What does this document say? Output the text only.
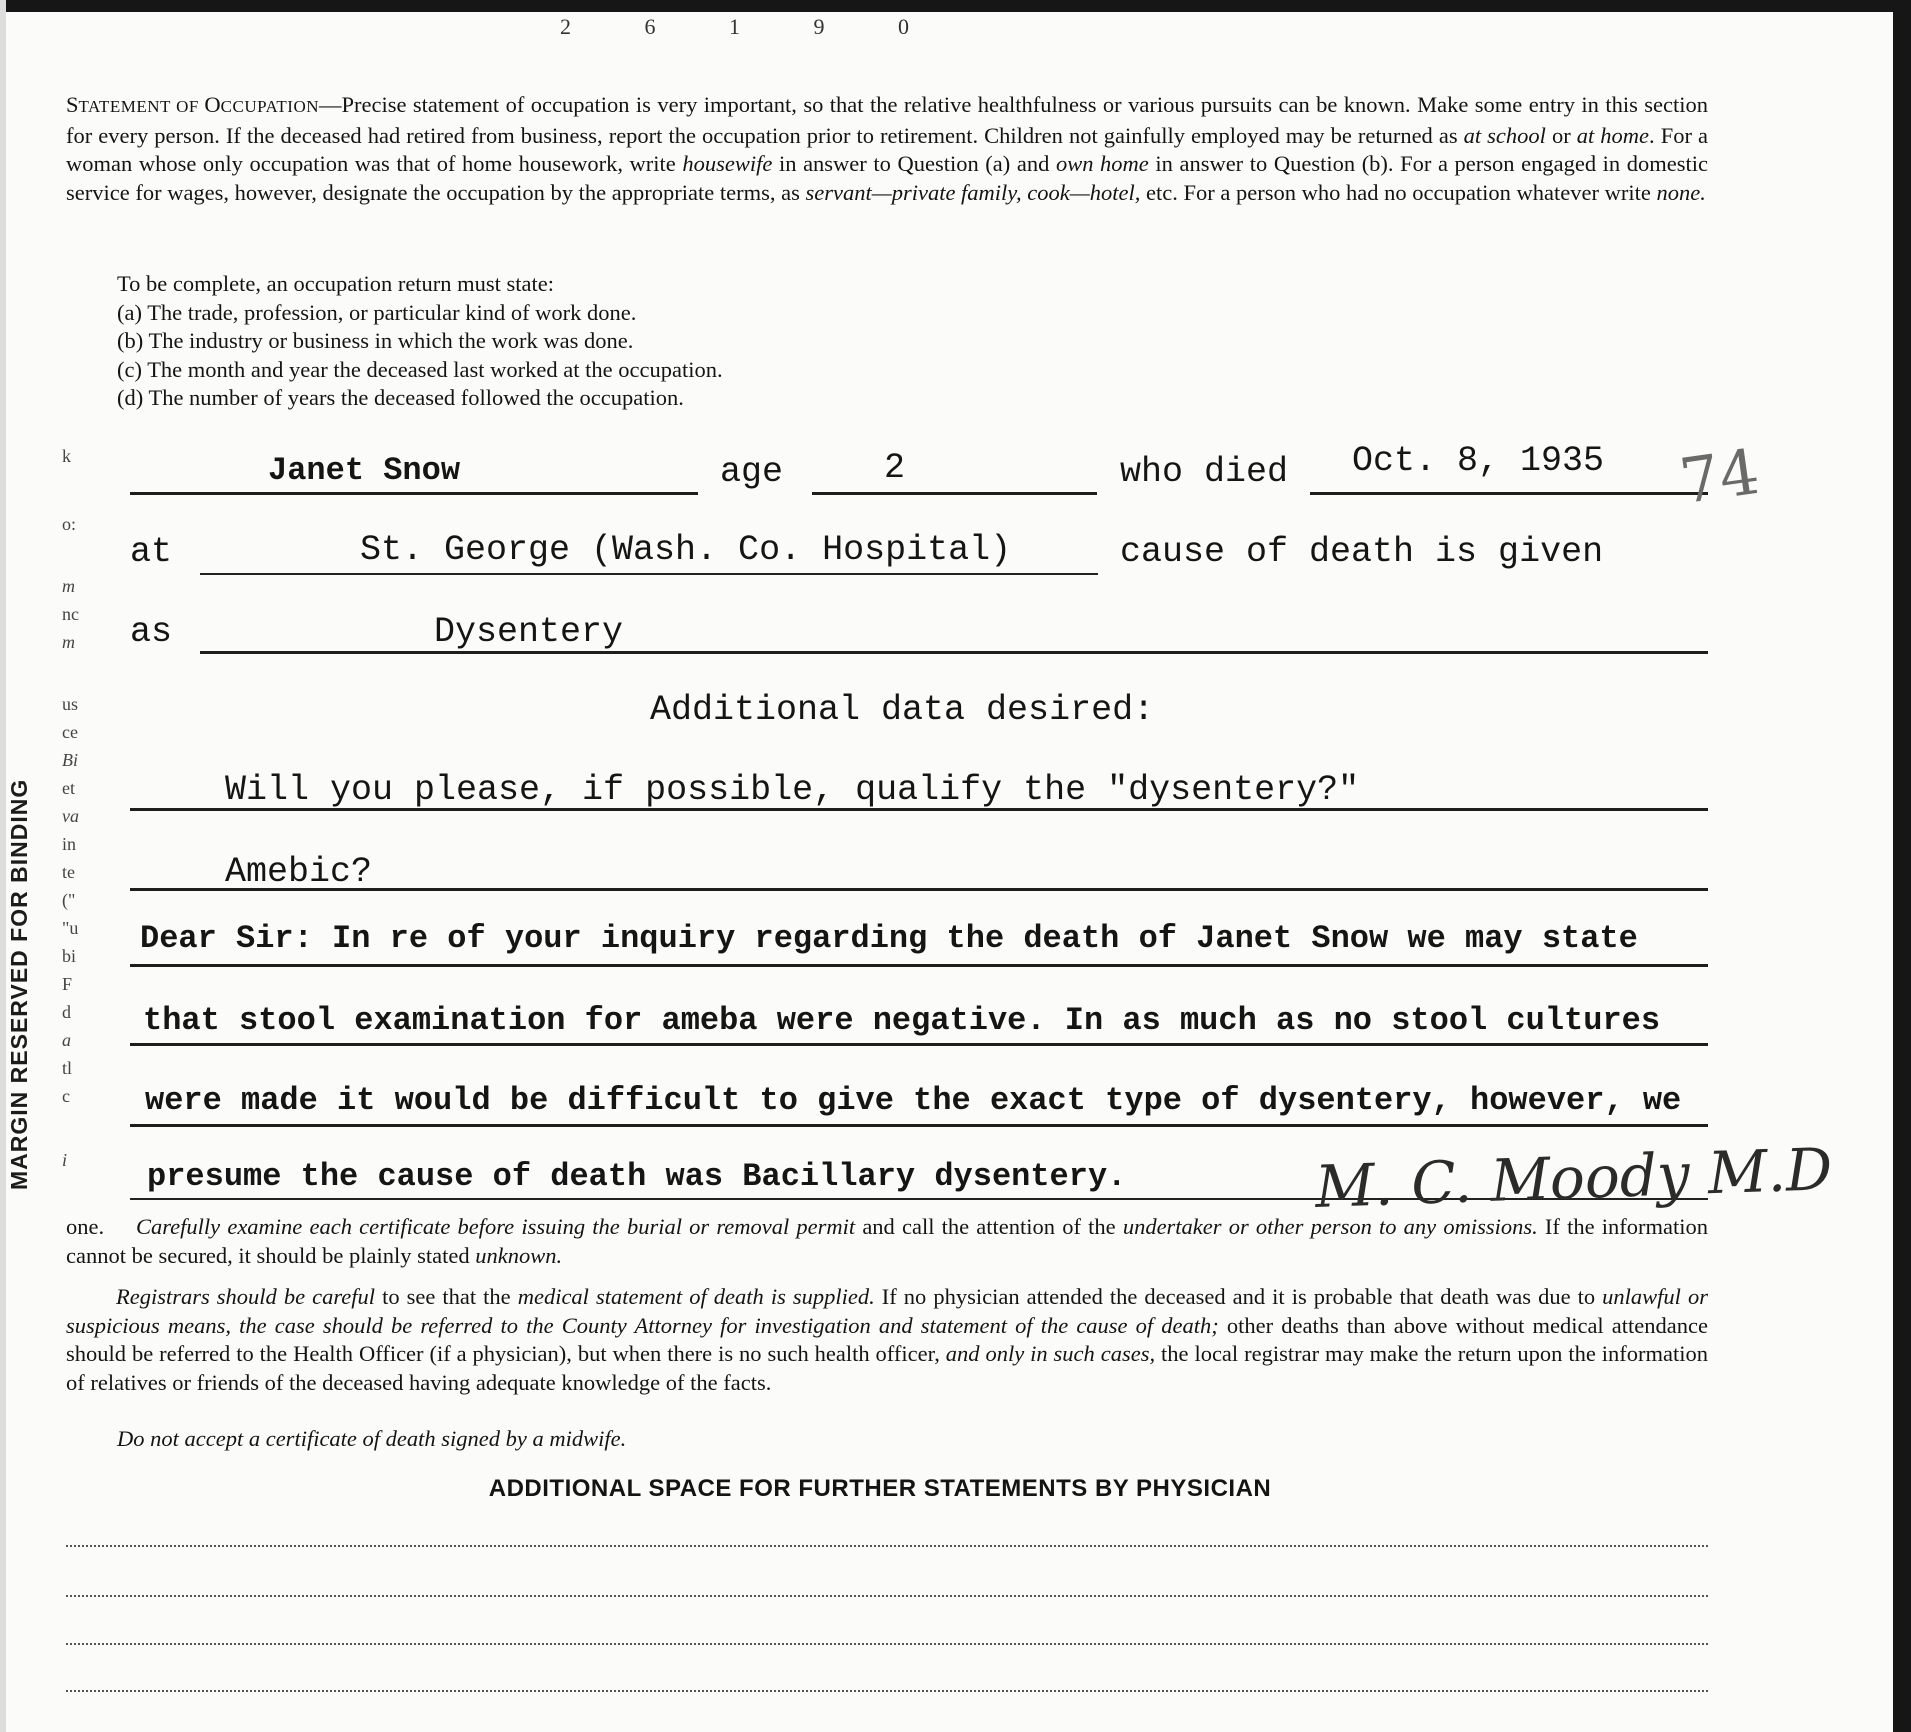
2 6 1 9 0
MARGIN RESERVED FOR BINDING
k
o:
m
nc
m
us
ce
Bi
et
va
in
te
("
"u
bi
F
d
a
tl
c
i
STATEMENT OF OCCUPATION—Precise statement of occupation is very important, so that the relative healthfulness or various pursuits can be known. Make some entry in this section for every person. If the deceased had retired from business, report the occupation prior to retirement. Children not gainfully employed may be returned as at school or at home. For a woman whose only occupation was that of home housework, write housewife in answer to Question (a) and own home in answer to Question (b). For a person engaged in domestic service for wages, however, designate the occupation by the appropriate terms, as servant—private family, cook—hotel, etc. For a person who had no occupation whatever write none.
To be complete, an occupation return must state:
(a) The trade, profession, or particular kind of work done.
(b) The industry or business in which the work was done.
(c) The month and year the deceased last worked at the occupation.
(d) The number of years the deceased followed the occupation.
Janet Snow	age	2	who died Oct. 8, 1935 74
at	St. George (Wash. Co. Hospital)	cause of death is given
as	Dysentery
Additional data desired:
Will you please, if possible, qualify the "dysentery?"
Amebic?
Dear Sir: In re of your inquiry regarding the death of Janet Snow we may state
that stool examination for ameba were negative. In as much as no stool cultures
were made it would be difficult to give the exact type of dysentery, however, we
presume the cause of death was Bacillary dysentery.	M. C. Moody M.D
one. Carefully examine each certificate before issuing the burial or removal permit and call the attention of the undertaker or other person to any omissions. If the information cannot be secured, it should be plainly stated unknown.
Registrars should be careful to see that the medical statement of death is supplied. If no physician attended the deceased and it is probable that death was due to unlawful or suspicious means, the case should be referred to the County Attorney for investigation and statement of the cause of death; other deaths than above without medical attendance should be referred to the Health Officer (if a physician), but when there is no such health officer, and only in such cases, the local registrar may make the return upon the information of relatives or friends of the deceased having adequate knowledge of the facts.
Do not accept a certificate of death signed by a midwife.
ADDITIONAL SPACE FOR FURTHER STATEMENTS BY PHYSICIAN
